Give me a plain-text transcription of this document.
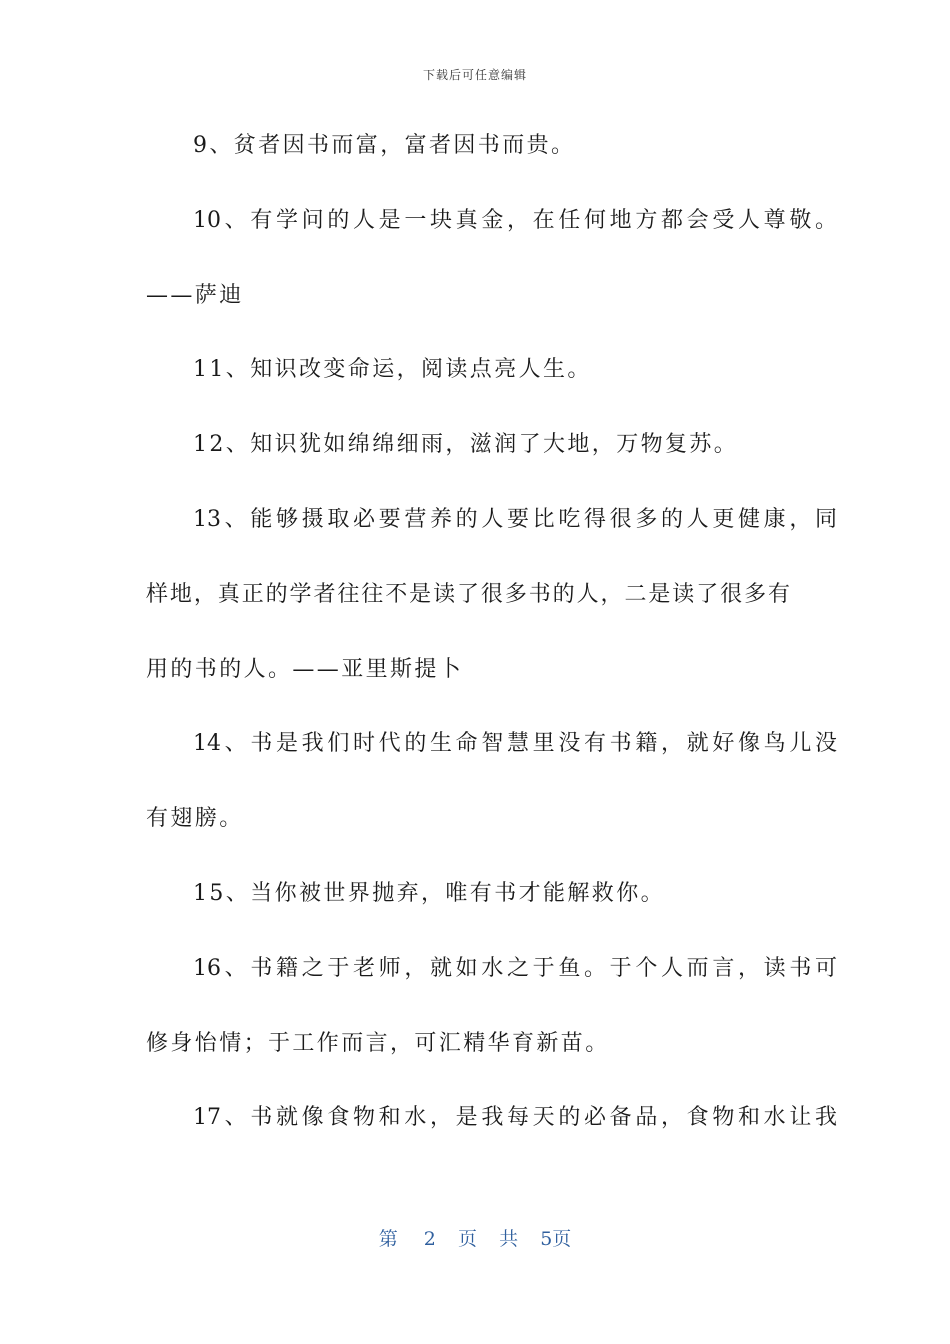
下载后可任意编辑
9、贫者因书而富，富者因书而贵。
10、有学问的人是一块真金，在任何地方都会受人尊敬。
——萨迪
11、知识改变命运，阅读点亮人生。
12、知识犹如绵绵细雨，滋润了大地，万物复苏。
13、能够摄取必要营养的人要比吃得很多的人更健康，同
样地，真正的学者往往不是读了很多书的人，二是读了很多有
用的书的人。——亚里斯提卜
14、书是我们时代的生命智慧里没有书籍，就好像鸟儿没
有翅膀。
15、当你被世界抛弃，唯有书才能解救你。
16、书籍之于老师，就如水之于鱼。于个人而言，读书可
修身怡情；于工作而言，可汇精华育新苗。
17、书就像食物和水，是我每天的必备品，食物和水让我
第 2 页 共 5页
